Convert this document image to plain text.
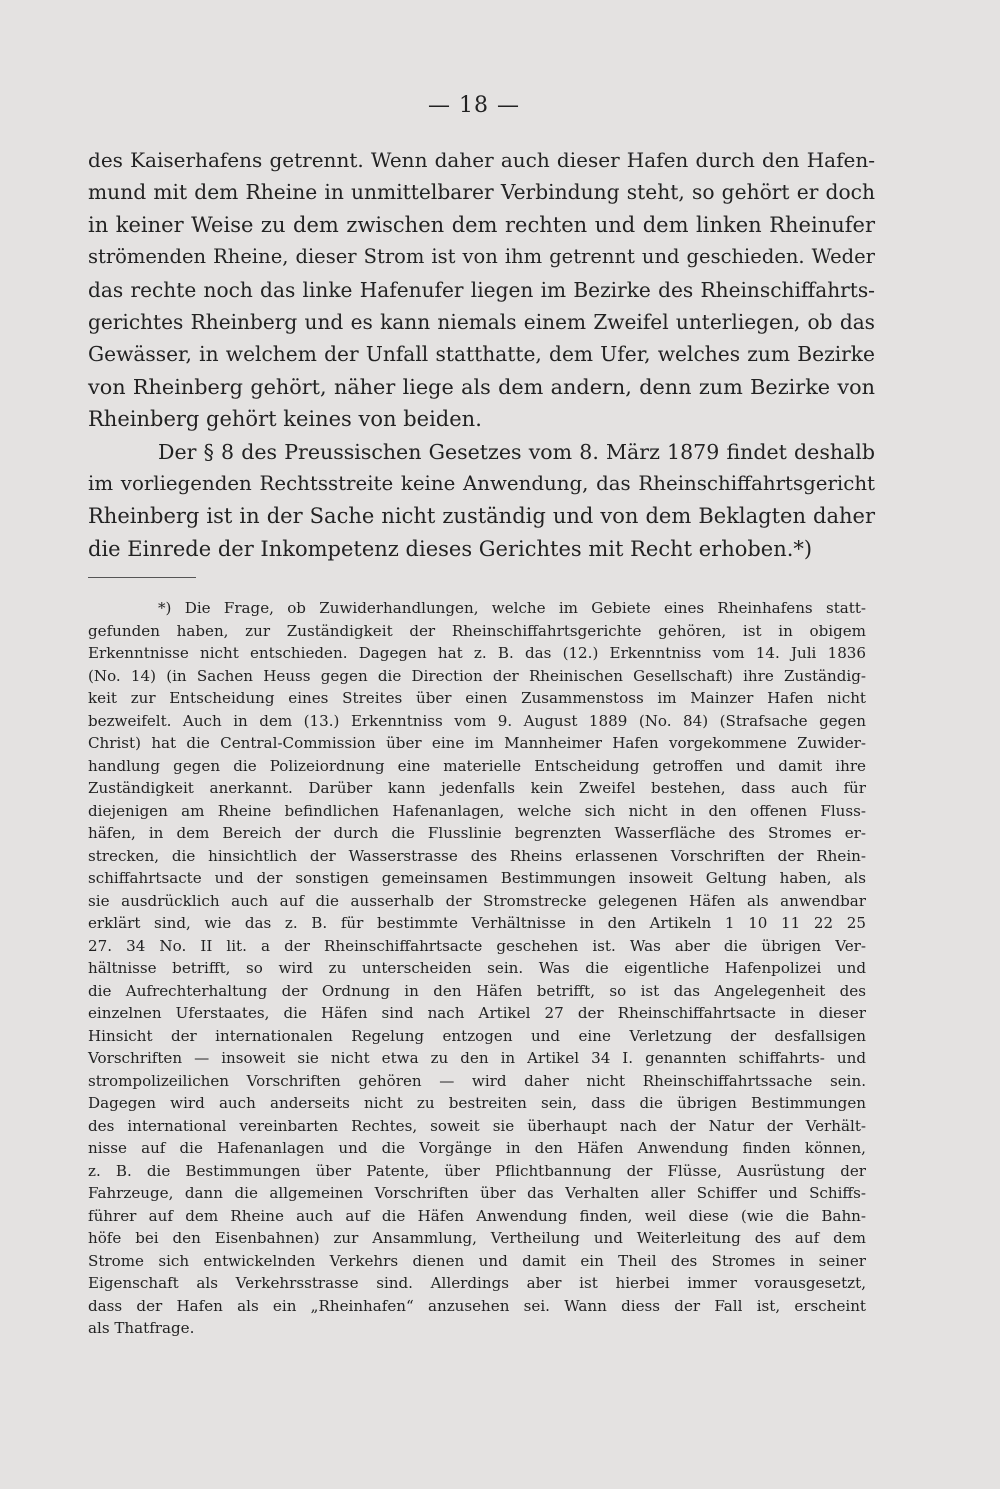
— 18 —
des Kaiserhafens getrennt. Wenn daher auch dieser Hafen durch den Hafen-
mund mit dem Rheine in unmittelbarer Verbindung steht, so gehört er doch
in keiner Weise zu dem zwischen dem rechten und dem linken Rheinufer
strömenden Rheine, dieser Strom ist von ihm getrennt und geschieden. Weder
das rechte noch das linke Hafenufer liegen im Bezirke des Rheinschiffahrts-
gerichtes Rheinberg und es kann niemals einem Zweifel unterliegen, ob das
Gewässer, in welchem der Unfall statthatte, dem Ufer, welches zum Bezirke
von Rheinberg gehört, näher liege als dem andern, denn zum Bezirke von
Rheinberg gehört keines von beiden.
Der § 8 des Preussischen Gesetzes vom 8. März 1879 findet deshalb
im vorliegenden Rechtsstreite keine Anwendung, das Rheinschiffahrtsgericht
Rheinberg ist in der Sache nicht zuständig und von dem Beklagten daher
die Einrede der Inkompetenz dieses Gerichtes mit Recht erhoben.*)
*) Die Frage, ob Zuwiderhandlungen, welche im Gebiete eines Rheinhafens statt-
gefunden haben, zur Zuständigkeit der Rheinschiffahrtsgerichte gehören, ist in obigem
Erkenntnisse nicht entschieden. Dagegen hat z. B. das (12.) Erkenntniss vom 14. Juli 1836
(No. 14) (in Sachen Heuss gegen die Direction der Rheinischen Gesellschaft) ihre Zuständig-
keit zur Entscheidung eines Streites über einen Zusammenstoss im Mainzer Hafen nicht
bezweifelt. Auch in dem (13.) Erkenntniss vom 9. August 1889 (No. 84) (Strafsache gegen
Christ) hat die Central-Commission über eine im Mannheimer Hafen vorgekommene Zuwider-
handlung gegen die Polizeiordnung eine materielle Entscheidung getroffen und damit ihre
Zuständigkeit anerkannt. Darüber kann jedenfalls kein Zweifel bestehen, dass auch für
diejenigen am Rheine befindlichen Hafenanlagen, welche sich nicht in den offenen Fluss-
häfen, in dem Bereich der durch die Flusslinie begrenzten Wasserfläche des Stromes er-
strecken, die hinsichtlich der Wasserstrasse des Rheins erlassenen Vorschriften der Rhein-
schiffahrtsacte und der sonstigen gemeinsamen Bestimmungen insoweit Geltung haben, als
sie ausdrücklich auch auf die ausserhalb der Stromstrecke gelegenen Häfen als anwendbar
erklärt sind, wie das z. B. für bestimmte Verhältnisse in den Artikeln 1 10 11 22 25
27. 34 No. II lit. a der Rheinschiffahrtsacte geschehen ist. Was aber die übrigen Ver-
hältnisse betrifft, so wird zu unterscheiden sein. Was die eigentliche Hafenpolizei und
die Aufrechterhaltung der Ordnung in den Häfen betrifft, so ist das Angelegenheit des
einzelnen Uferstaates, die Häfen sind nach Artikel 27 der Rheinschiffahrtsacte in dieser
Hinsicht der internationalen Regelung entzogen und eine Verletzung der desfallsigen
Vorschriften — insoweit sie nicht etwa zu den in Artikel 34 I. genannten schiffahrts- und
strompolizeilichen Vorschriften gehören — wird daher nicht Rheinschiffahrtssache sein.
Dagegen wird auch anderseits nicht zu bestreiten sein, dass die übrigen Bestimmungen
des international vereinbarten Rechtes, soweit sie überhaupt nach der Natur der Verhält-
nisse auf die Hafenanlagen und die Vorgänge in den Häfen Anwendung finden können,
z. B. die Bestimmungen über Patente, über Pflichtbannung der Flüsse, Ausrüstung der
Fahrzeuge, dann die allgemeinen Vorschriften über das Verhalten aller Schiffer und Schiffs-
führer auf dem Rheine auch auf die Häfen Anwendung finden, weil diese (wie die Bahn-
höfe bei den Eisenbahnen) zur Ansammlung, Vertheilung und Weiterleitung des auf dem
Strome sich entwickelnden Verkehrs dienen und damit ein Theil des Stromes in seiner
Eigenschaft als Verkehrsstrasse sind. Allerdings aber ist hierbei immer vorausgesetzt,
dass der Hafen als ein „Rheinhafen“ anzusehen sei. Wann diess der Fall ist, erscheint
als Thatfrage.
